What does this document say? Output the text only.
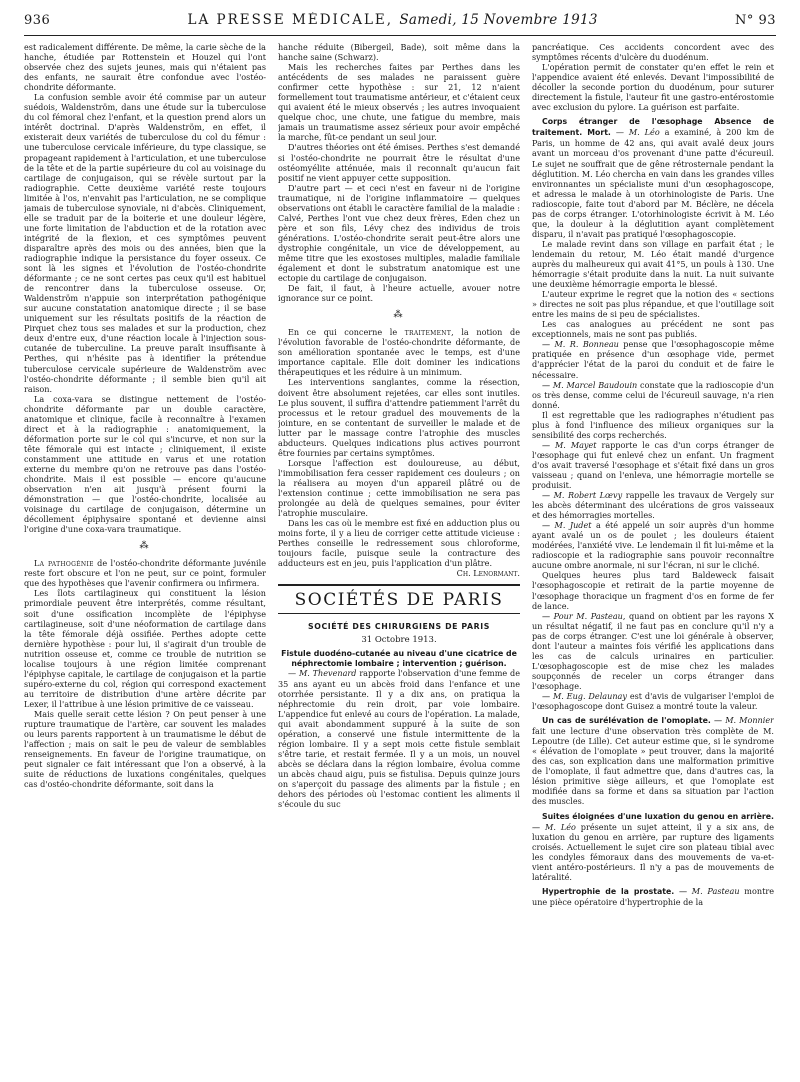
936	LA PRESSE MÉDICALE, Samedi, 15 Novembre 1913	N° 93

est radicalement différente. De même, la carie sèche de la hanche, étudiée par Rottenstein et Houzel qui l'ont observée chez des sujets jeunes, mais qui n'étaient pas des enfants, ne saurait être confondue avec l'ostéo-chondrite déformante.

La confusion semble avoir été commise par un auteur suédois, Waldenström, dans une étude sur la tuberculose du col fémoral chez l'enfant, et la question prend alors un intérêt doctrinal. D'après Waldenström, en effet, il existerait deux variétés de tuberculose du col du fémur : une tuberculose cervicale inférieure, du type classique, se propageant rapidement à l'articulation, et une tuberculose de la tête et de la partie supérieure du col au voisinage du cartilage de conjugaison, qui se révèle surtout par la radiographie. Cette deuxième variété reste toujours limitée à l'os, n'envahit pas l'articulation, ne se complique jamais de tuberculose synoviale, ni d'abcès. Cliniquement, elle se traduit par de la boiterie et une douleur légère, une forte limitation de l'abduction et de la rotation avec intégrité de la flexion, et ces symptômes peuvent disparaître après des mois ou des années, bien que la radiographie indique la persistance du foyer osseux. Ce sont là les signes et l'évolution de l'ostéo-chondrite déformante ; ce ne sont certes pas ceux qu'il est habituel de rencontrer dans la tuberculose osseuse. Or, Waldenström n'appuie son interprétation pathogénique sur aucune constatation anatomique directe ; il se base uniquement sur les résultats positifs de la réaction de Pirquet chez tous ses malades et sur la production, chez deux d'entre eux, d'une réaction locale à l'injection sous-cutanée de tuberculine. La preuve paraît insuffisante à Perthes, qui n'hésite pas à identifier la prétendue tuberculose cervicale supérieure de Waldenström avec l'ostéo-chondrite déformante ; il semble bien qu'il ait raison.

La coxa-vara se distingue nettement de l'ostéo-chondrite déformante par un double caractère, anatomique et clinique, facile à reconnaître à l'examen direct et à la radiographie : anatomiquement, la déformation porte sur le col qui s'incurve, et non sur la tête fémorale qui est intacte ; cliniquement, il existe constamment une attitude en varus et une rotation externe du membre qu'on ne retrouve pas dans l'ostéo-chondrite. Mais il est possible — encore qu'aucune observation n'en ait jusqu'à présent fourni la démonstration — que l'ostéo-chondrite, localisée au voisinage du cartilage de conjugaison, détermine un décollement épiphysaire spontané et devienne ainsi l'origine d'une coxa-vara traumatique.

⁂

La pathogénie de l'ostéo-chondrite déformante juvénile reste fort obscure et l'on ne peut, sur ce point, formuler que des hypothèses que l'avenir confirmera ou infirmera.

Les îlots cartilagineux qui constituent la lésion primordiale peuvent être interprétés, comme résultant, soit d'une ossification incomplète de l'épiphyse cartilagineuse, soit d'une néoformation de cartilage dans la tête fémorale déjà ossifiée. Perthes adopte cette dernière hypothèse : pour lui, il s'agirait d'un trouble de nutrition osseuse et, comme ce trouble de nutrition se localise toujours à une région limitée comprenant l'épiphyse capitale, le cartilage de conjugaison et la partie supéro-externe du col, région qui correspond exactement au territoire de distribution d'une artère décrite par Lexer, il l'attribue à une lésion primitive de ce vaisseau.

Mais quelle serait cette lésion ? On peut penser à une rupture traumatique de l'artère, car souvent les malades ou leurs parents rapportent à un traumatisme le début de l'affection ; mais on sait le peu de valeur de semblables renseignements. En faveur de l'origine traumatique, on peut signaler ce fait intéressant que l'on a observé, à la suite de réductions de luxations congénitales, quelques cas d'ostéo-chondrite déformante, soit dans la

hanche réduite (Bibergeil, Bade), soit même dans la hanche saine (Schwarz).

Mais les recherches faites par Perthes dans les antécédents de ses malades ne paraissent guère confirmer cette hypothèse : sur 21, 12 n'aient formellement tout traumatisme antérieur, et c'étaient ceux qui avaient été le mieux observés ; les autres invoquaient quelque choc, une chute, une fatigue du membre, mais jamais un traumatisme assez sérieux pour avoir empêché la marche, fût-ce pendant un seul jour.

D'autres théories ont été émises. Perthes s'est demandé si l'ostéo-chondrite ne pourrait être le résultat d'une ostéomyélite atténuée, mais il reconnaît qu'aucun fait positif ne vient appuyer cette supposition.

D'autre part — et ceci n'est en faveur ni de l'origine traumatique, ni de l'origine inflammatoire — quelques observations ont établi le caractère familial de la maladie : Calvé, Perthes l'ont vue chez deux frères, Eden chez un père et son fils, Lévy chez des individus de trois générations. L'ostéo-chondrite serait peut-être alors une dystrophie congénitale, un vice de développement, au même titre que les exostoses multiples, maladie familiale également et dont le substratum anatomique est une ectopie du cartilage de conjugaison.

De fait, il faut, à l'heure actuelle, avouer notre ignorance sur ce point.

⁂

En ce qui concerne le traitement, la notion de l'évolution favorable de l'ostéo-chondrite déformante, de son amélioration spontanée avec le temps, est d'une importance capitale. Elle doit dominer les indications thérapeutiques et les réduire à un minimum.

Les interventions sanglantes, comme la résection, doivent être absolument rejetées, car elles sont inutiles. Le plus souvent, il suffira d'attendre patiemment l'arrêt du processus et le retour graduel des mouvements de la jointure, en se contentant de surveiller le malade et de lutter par le massage contre l'atrophie des muscles abducteurs. Quelques indications plus actives pourront être fournies par certains symptômes.

Lorsque l'affection est douloureuse, au début, l'immobilisation fera cesser rapidement ces douleurs ; on la réalisera au moyen d'un appareil plâtré ou de l'extension continue ; cette immobilisation ne sera pas prolongée au delà de quelques semaines, pour éviter l'atrophie musculaire.

Dans les cas où le membre est fixé en adduction plus ou moins forte, il y a lieu de corriger cette attitude vicieuse : Perthes conseille le redressement sous chloroforme, toujours facile, puisque seule la contracture des adducteurs est en jeu, puis l'application d'un plâtre.

Ch. Lenormant.

SOCIÉTÉS DE PARIS
SOCIÉTÉ DES CHIRURGIENS DE PARIS
31 Octobre 1913.
Fistule duodéno-cutanée au niveau d'une cicatrice de néphrectomie lombaire ; intervention ; guérison.

— M. Thevenard rapporte l'observation d'une femme de 35 ans ayant eu un abcès froid dans l'enfance et une otorrhée persistante. Il y a dix ans, on pratiqua la néphrectomie du rein droit, par voie lombaire. L'appendice fut enlevé au cours de l'opération. La malade, qui avait abondamment suppuré à la suite de son opération, a conservé une fistule intermittente de la région lombaire. Il y a sept mois cette fistule semblait s'être tarie, et restait fermée. Il y a un mois, un nouvel abcès se déclara dans la région lombaire, évolua comme un abcès chaud aigu, puis se fistulisa. Depuis quinze jours on s'aperçoit du passage des aliments par la fistule ; en dehors des périodes où l'estomac contient les aliments il s'écoule du suc

pancréatique. Ces accidents concordent avec des symptômes récents d'ulcère du duodénum.

L'opération permit de constater qu'en effet le rein et l'appendice avaient été enlevés. Devant l'impossibilité de décoller la seconde portion du duodénum, pour suturer directement la fistule, l'auteur fit une gastro-entérostomie avec exclusion du pylore. La guérison est parfaite.

Corps étranger de l'œsophage Absence de traitement. Mort. — M. Léo a examiné, à 200 km de Paris, un homme de 42 ans, qui avait avalé deux jours avant un morceau d'os provenant d'une patte d'écureuil. Le sujet ne souffrait que de gêne rétrosternale pendant la déglutition. M. Léo chercha en vain dans les grandes villes environnantes un spécialiste muni d'un œsophagoscope, et adressa le malade à un otorhinologiste de Paris. Une radioscopie, faite tout d'abord par M. Béclère, ne décela pas de corps étranger. L'otorhinologiste écrivit à M. Léo que, la douleur à la déglutition ayant complètement disparu, il n'avait pas pratiqué l'œsophagoscopie.

Le malade revint dans son village en parfait état ; le lendemain du retour, M. Léo était mandé d'urgence auprès du malheureux qui avait 41°5, un pouls à 130. Une hémorragie s'était produite dans la nuit. La nuit suivante une deuxième hémorragie emporta le blessé.

L'auteur exprime le regret que la notion des « sections » directes ne soit pas plus répandue, et que l'outillage soit entre les mains de si peu de spécialistes.

Les cas analogues au précédent ne sont pas exceptionnels, mais ne sont pas publiés.

— M. R. Bonneau pense que l'œsophagoscopie même pratiquée en présence d'un œsophage vide, permet d'apprécier l'état de la paroi du conduit et de faire le nécessaire.

— M. Marcel Baudouin constate que la radioscopie d'un os très dense, comme celui de l'écureuil sauvage, n'a rien donné.

Il est regrettable que les radiographes n'étudient pas plus à fond l'influence des milieux organiques sur la sensibilité des corps recherchés.

— M. Mayet rapporte le cas d'un corps étranger de l'œsophage qui fut enlevé chez un enfant. Un fragment d'os avait traversé l'œsophage et s'était fixé dans un gros vaisseau ; quand on l'enleva, une hémorragie mortelle se produisit.

— M. Robert Lœvy rappelle les travaux de Vergely sur les abcès déterminant des ulcérations de gros vaisseaux et des hémorragies mortelles.

— M. Judet a été appelé un soir auprès d'un homme ayant avalé un os de poulet ; les douleurs étaient modérées, l'anxiété vive. Le lendemain il fit lui-même et la radioscopie et la radiographie sans pouvoir reconnaître aucune ombre anormale, ni sur l'écran, ni sur le cliché.

Quelques heures plus tard Baldeweck faisait l'œsophagoscopie et retirait de la partie moyenne de l'œsophage thoracique un fragment d'os en forme de fer de lance.

— Pour M. Pasteau, quand on obtient par les rayons X un résultat négatif, il ne faut pas en conclure qu'il n'y a pas de corps étranger. C'est une loi générale à observer, dont l'auteur a maintes fois vérifié les applications dans les cas de calculs urinaires en particulier. L'œsophagoscopie est de mise chez les malades soupçonnés de receler un corps étranger dans l'œsophage.

— M. Eug. Delaunay est d'avis de vulgariser l'emploi de l'œsophagoscope dont Guisez a montré toute la valeur.

Un cas de surélévation de l'omoplate. — M. Monnier fait une lecture d'une observation très complète de M. Lepoutre (de Lille). Cet auteur estime que, si le syndrome « élévation de l'omoplate » peut trouver, dans la majorité des cas, son explication dans une malformation primitive de l'omoplate, il faut admettre que, dans d'autres cas, la lésion primitive siège ailleurs, et que l'omoplate est modifiée dans sa forme et dans sa situation par l'action des muscles.

Suites éloignées d'une luxation du genou en arrière. — M. Léo présente un sujet atteint, il y a six ans, de luxation du genou en arrière, par rupture des ligaments croisés. Actuellement le sujet cire son plateau tibial avec les condyles fémoraux dans des mouvements de va-et-vient antéro-postérieurs. Il n'y a pas de mouvements de latéralité.

Hypertrophie de la prostate. — M. Pasteau montre une pièce opératoire d'hypertrophie de la
